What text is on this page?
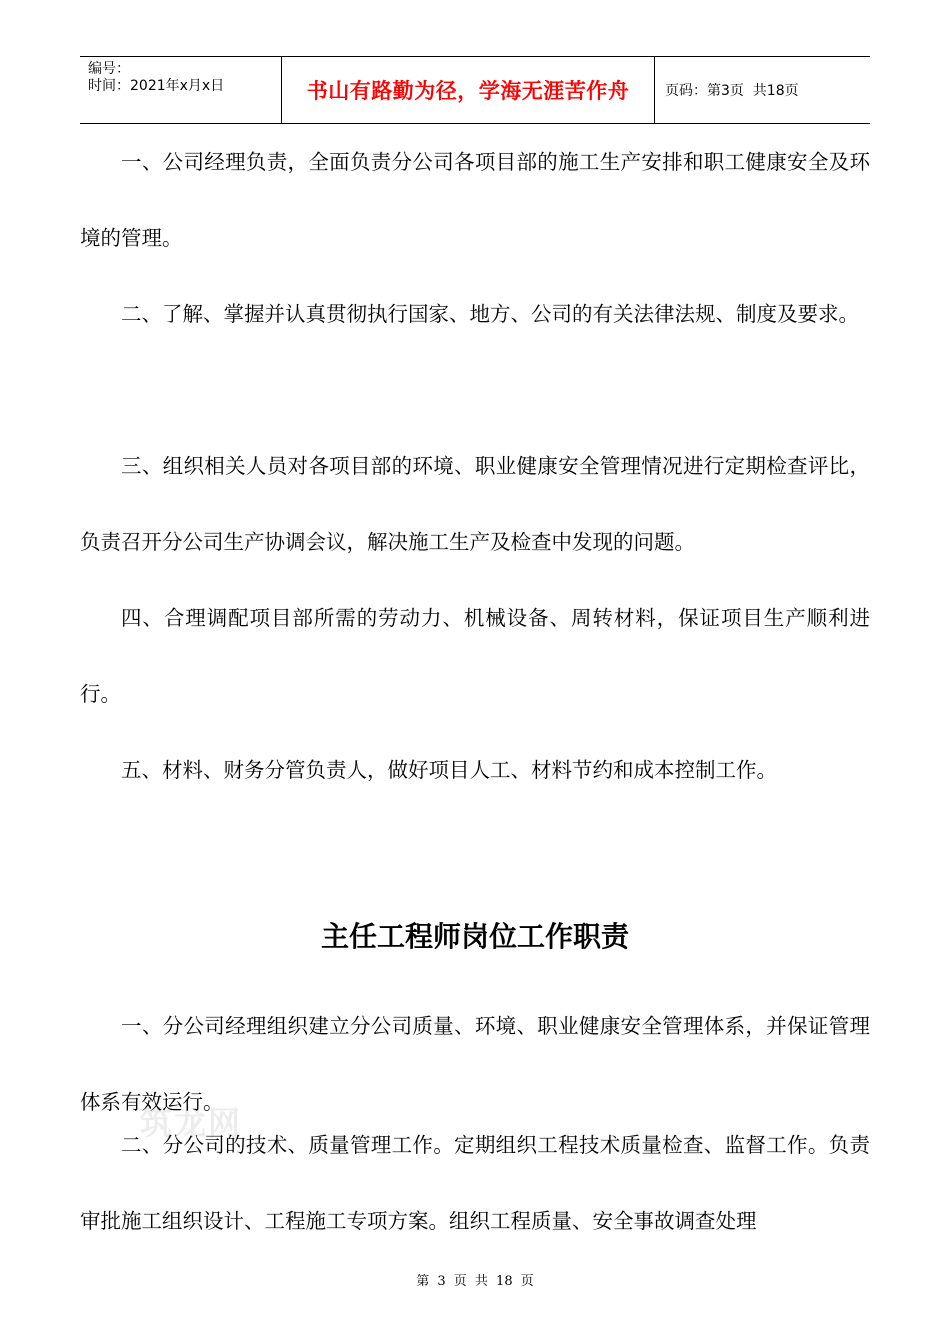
编号：
时间：2021年x月x日	书山有路勤为径，学海无涯苦作舟	页码：第3页  共18页

一、公司经理负责，全面负责分公司各项目部的施工生产安排和职工健康安全及环境的管理。

二、了解、掌握并认真贯彻执行国家、地方、公司的有关法律法规、制度及要求。

三、组织相关人员对各项目部的环境、职业健康安全管理情况进行定期检查评比，负责召开分公司生产协调会议，解决施工生产及检查中发现的问题。

四、合理调配项目部所需的劳动力、机械设备、周转材料，保证项目生产顺利进行。

五、材料、财务分管负责人，做好项目人工、材料节约和成本控制工作。

主任工程师岗位工作职责
筑龙网

一、分公司经理组织建立分公司质量、环境、职业健康安全管理体系，并保证管理体系有效运行。

二、分公司的技术、质量管理工作。定期组织工程技术质量检查、监督工作。负责审批施工组织设计、工程施工专项方案。组织工程质量、安全事故调查处理

第 3 页 共 18 页
